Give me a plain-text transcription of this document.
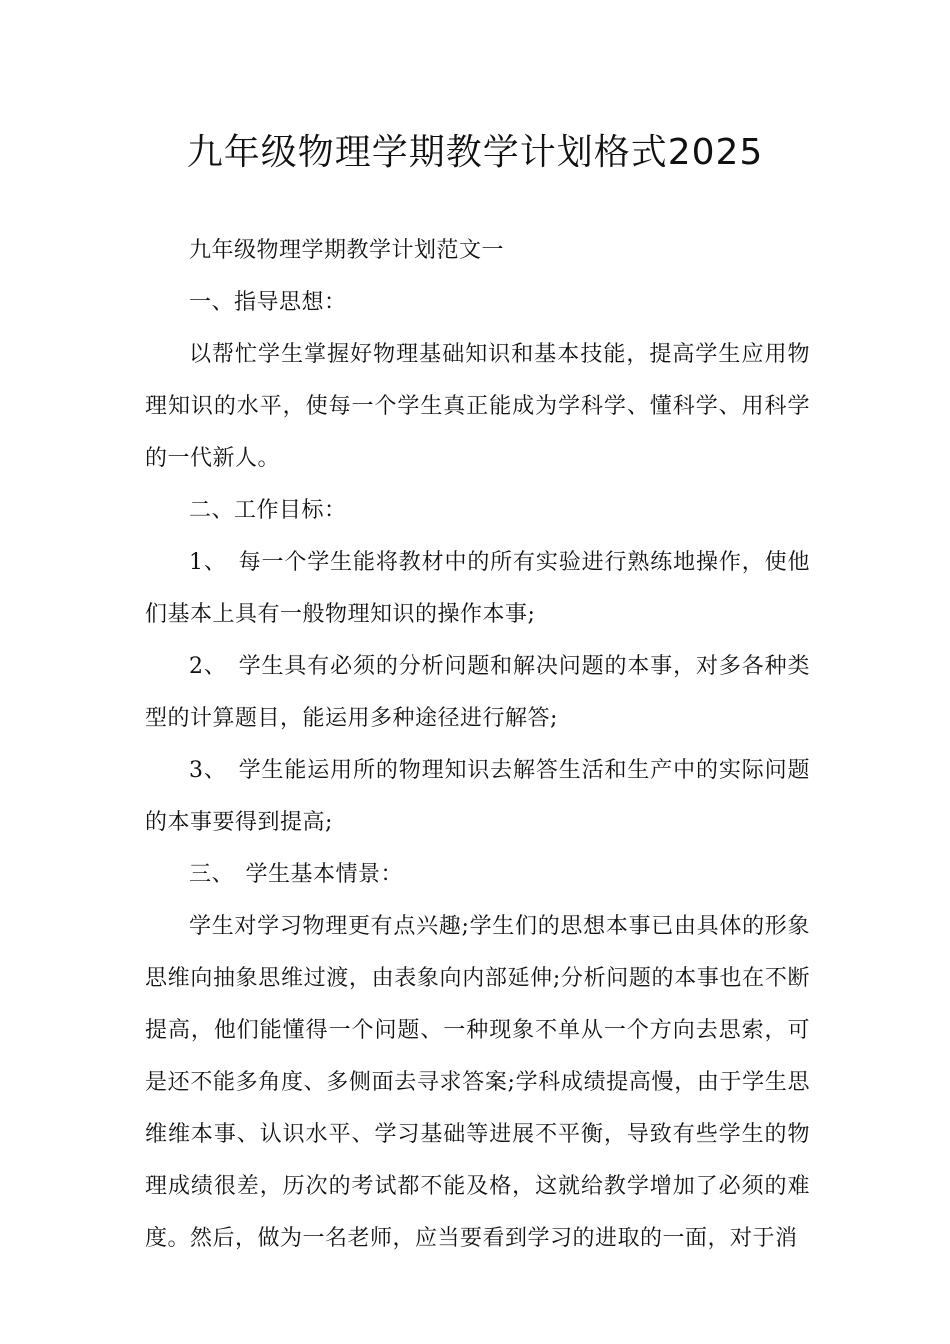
九年级物理学期教学计划格式2025

九年级物理学期教学计划范文一

一、指导思想：

以帮忙学生掌握好物理基础知识和基本技能，提高学生应用物理知识的水平，使每一个学生真正能成为学科学、懂科学、用科学的一代新人。

二、工作目标：

1、　每一个学生能将教材中的所有实验进行熟练地操作，使他们基本上具有一般物理知识的操作本事;

2、　学生具有必须的分析问题和解决问题的本事，对多各种类型的计算题目，能运用多种途径进行解答;

3、　学生能运用所的物理知识去解答生活和生产中的实际问题的本事要得到提高;

三、　学生基本情景：

学生对学习物理更有点兴趣;学生们的思想本事已由具体的形象思维向抽象思维过渡，由表象向内部延伸;分析问题的本事也在不断提高，他们能懂得一个问题、一种现象不单从一个方向去思索，可是还不能多角度、多侧面去寻求答案;学科成绩提高慢，由于学生思维维本事、认识水平、学习基础等进展不平衡，导致有些学生的物理成绩很差，历次的考试都不能及格，这就给教学增加了必须的难度。然后，做为一名老师，应当要看到学习的进取的一面，对于消
